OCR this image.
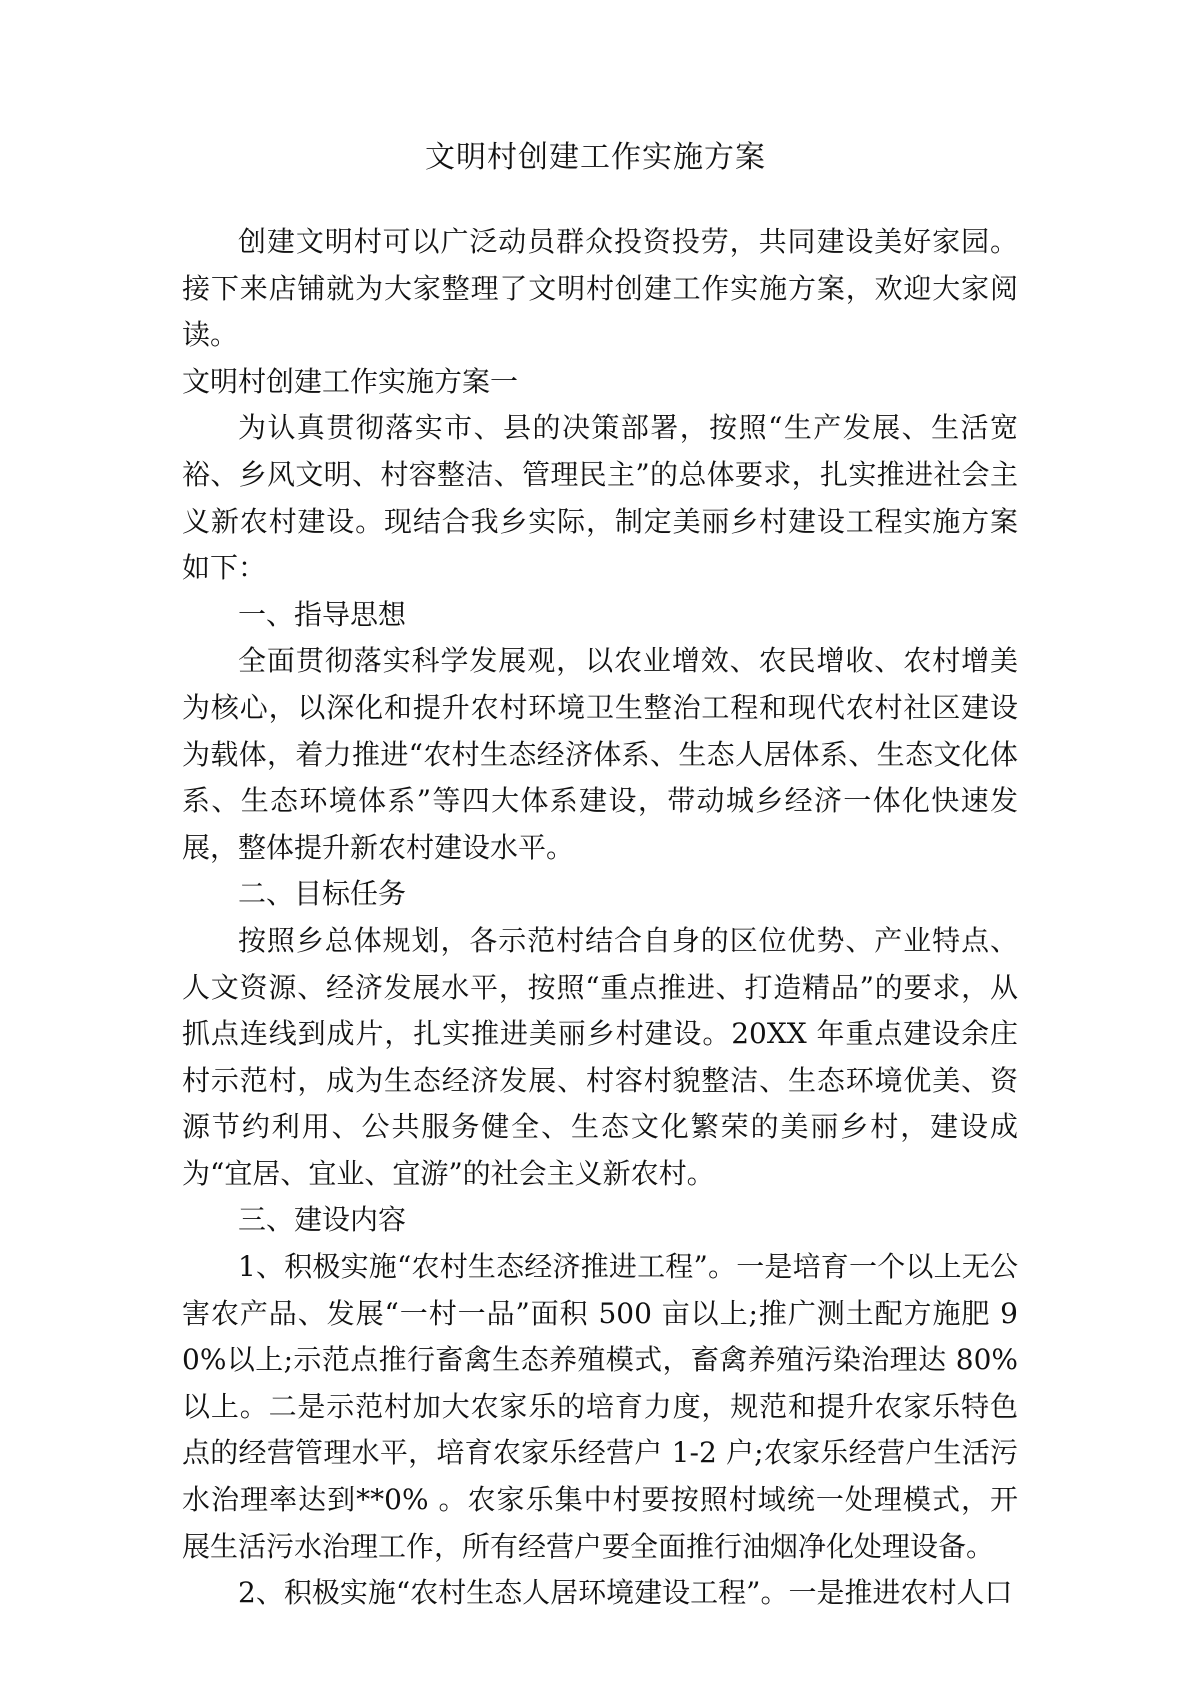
文明村创建工作实施方案

创建文明村可以广泛动员群众投资投劳，共同建设美好家园。接下来店铺就为大家整理了文明村创建工作实施方案，欢迎大家阅读。

文明村创建工作实施方案一

为认真贯彻落实市、县的决策部署，按照“生产发展、生活宽裕、乡风文明、村容整洁、管理民主”的总体要求，扎实推进社会主义新农村建设。现结合我乡实际，制定美丽乡村建设工程实施方案如下：

一、指导思想

全面贯彻落实科学发展观，以农业增效、农民增收、农村增美为核心，以深化和提升农村环境卫生整治工程和现代农村社区建设为载体，着力推进“农村生态经济体系、生态人居体系、生态文化体系、生态环境体系”等四大体系建设，带动城乡经济一体化快速发展，整体提升新农村建设水平。

二、目标任务

按照乡总体规划，各示范村结合自身的区位优势、产业特点、人文资源、经济发展水平，按照“重点推进、打造精品”的要求，从抓点连线到成片，扎实推进美丽乡村建设。20XX 年重点建设余庄村示范村，成为生态经济发展、村容村貌整洁、生态环境优美、资源节约利用、公共服务健全、生态文化繁荣的美丽乡村，建设成为“宜居、宜业、宜游”的社会主义新农村。

三、建设内容

1、积极实施“农村生态经济推进工程”。一是培育一个以上无公害农产品、发展“一村一品”面积 500 亩以上;推广测土配方施肥 90%以上;示范点推行畜禽生态养殖模式，畜禽养殖污染治理达 80% 以上。二是示范村加大农家乐的培育力度，规范和提升农家乐特色点的经营管理水平，培育农家乐经营户 1-2 户;农家乐经营户生活污水治理率达到**0% 。农家乐集中村要按照村域统一处理模式，开展生活污水治理工作，所有经营户要全面推行油烟净化处理设备。

2、积极实施“农村生态人居环境建设工程”。一是推进农村人口
